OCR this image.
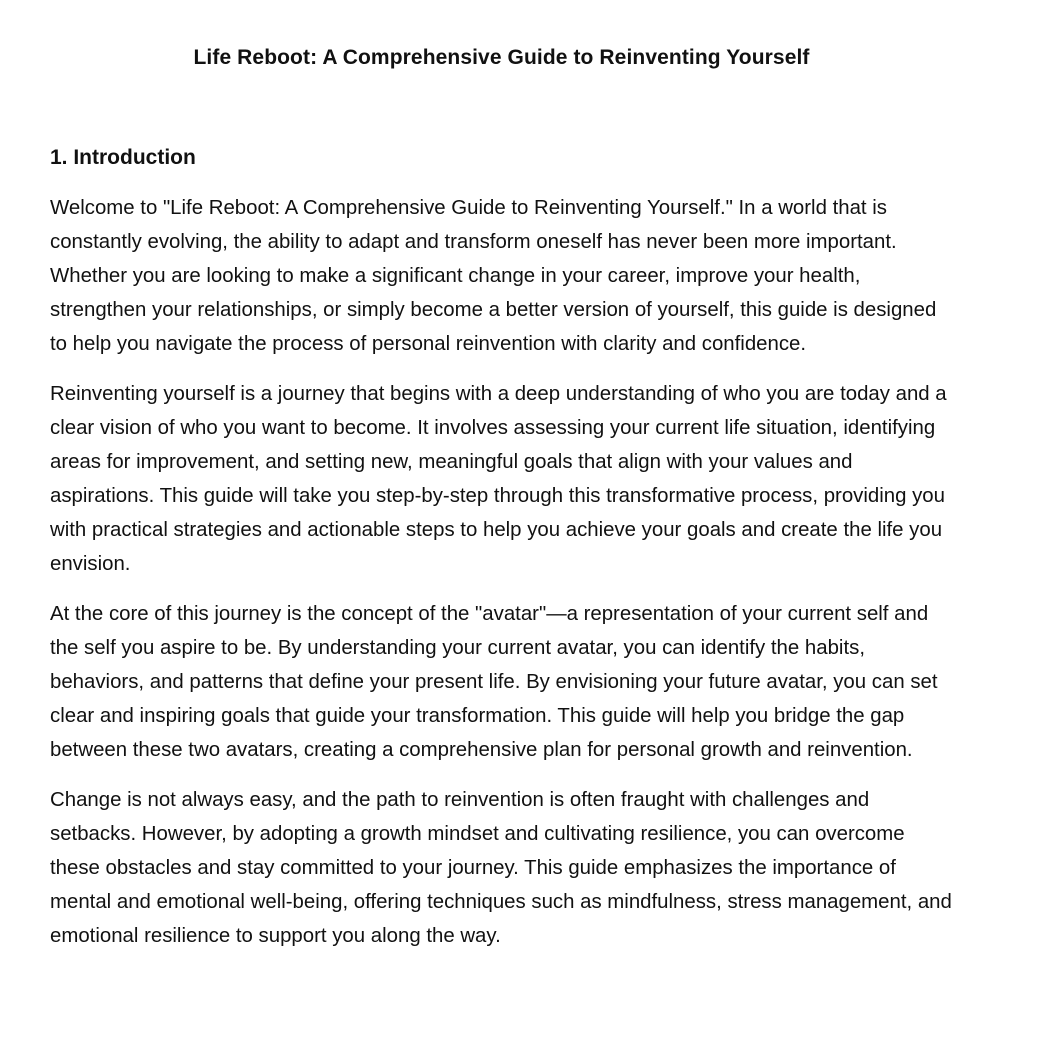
Life Reboot: A Comprehensive Guide to Reinventing Yourself
1. Introduction

Welcome to "Life Reboot: A Comprehensive Guide to Reinventing Yourself." In a world that is constantly evolving, the ability to adapt and transform oneself has never been more important. Whether you are looking to make a significant change in your career, improve your health, strengthen your relationships, or simply become a better version of yourself, this guide is designed to help you navigate the process of personal reinvention with clarity and confidence.

Reinventing yourself is a journey that begins with a deep understanding of who you are today and a clear vision of who you want to become. It involves assessing your current life situation, identifying areas for improvement, and setting new, meaningful goals that align with your values and aspirations. This guide will take you step-by-step through this transformative process, providing you with practical strategies and actionable steps to help you achieve your goals and create the life you envision.

At the core of this journey is the concept of the "avatar"—a representation of your current self and the self you aspire to be. By understanding your current avatar, you can identify the habits, behaviors, and patterns that define your present life. By envisioning your future avatar, you can set clear and inspiring goals that guide your transformation. This guide will help you bridge the gap between these two avatars, creating a comprehensive plan for personal growth and reinvention.

Change is not always easy, and the path to reinvention is often fraught with challenges and setbacks. However, by adopting a growth mindset and cultivating resilience, you can overcome these obstacles and stay committed to your journey. This guide emphasizes the importance of mental and emotional well-being, offering techniques such as mindfulness, stress management, and emotional resilience to support you along the way.
